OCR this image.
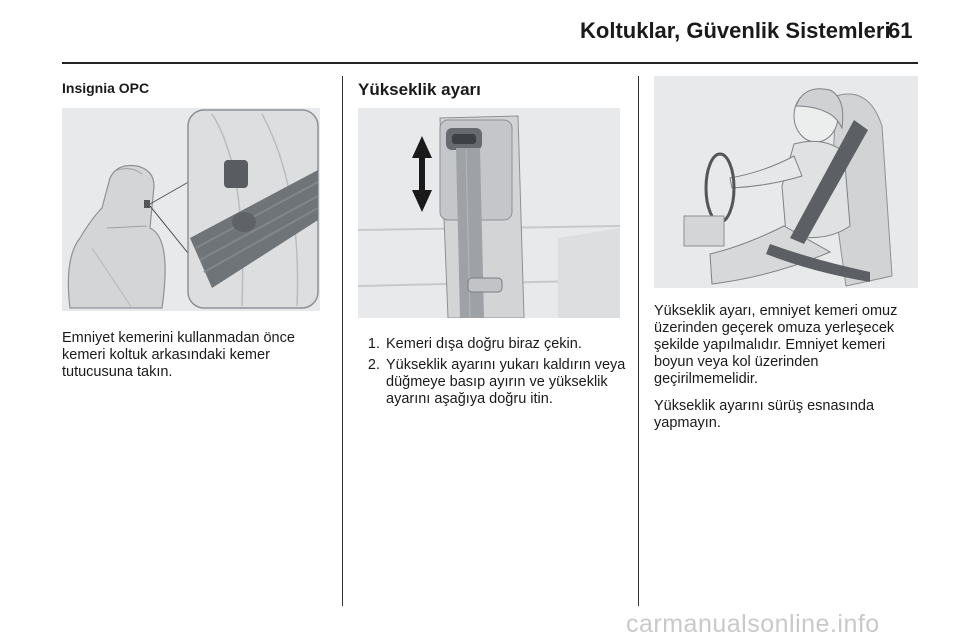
Koltuklar, Güvenlik Sistemleri
61
Insignia OPC

Emniyet kemerini kullanmadan önce kemeri koltuk arkasındaki kemer tutucusuna takın.

Yükseklik ayarı
1. Kemeri dışa doğru biraz çekin.
2. Yükseklik ayarını yukarı kaldırın veya düğmeye basıp ayırın ve yükseklik ayarını aşağıya doğru itin.

Yükseklik ayarı, emniyet kemeri omuz üzerinden geçerek omuza yerleşecek şekilde yapılmalıdır. Emniyet kemeri boyun veya kol üzerinden geçirilmemelidir.

Yükseklik ayarını sürüş esnasında yapmayın.

carmanualsonline.info
